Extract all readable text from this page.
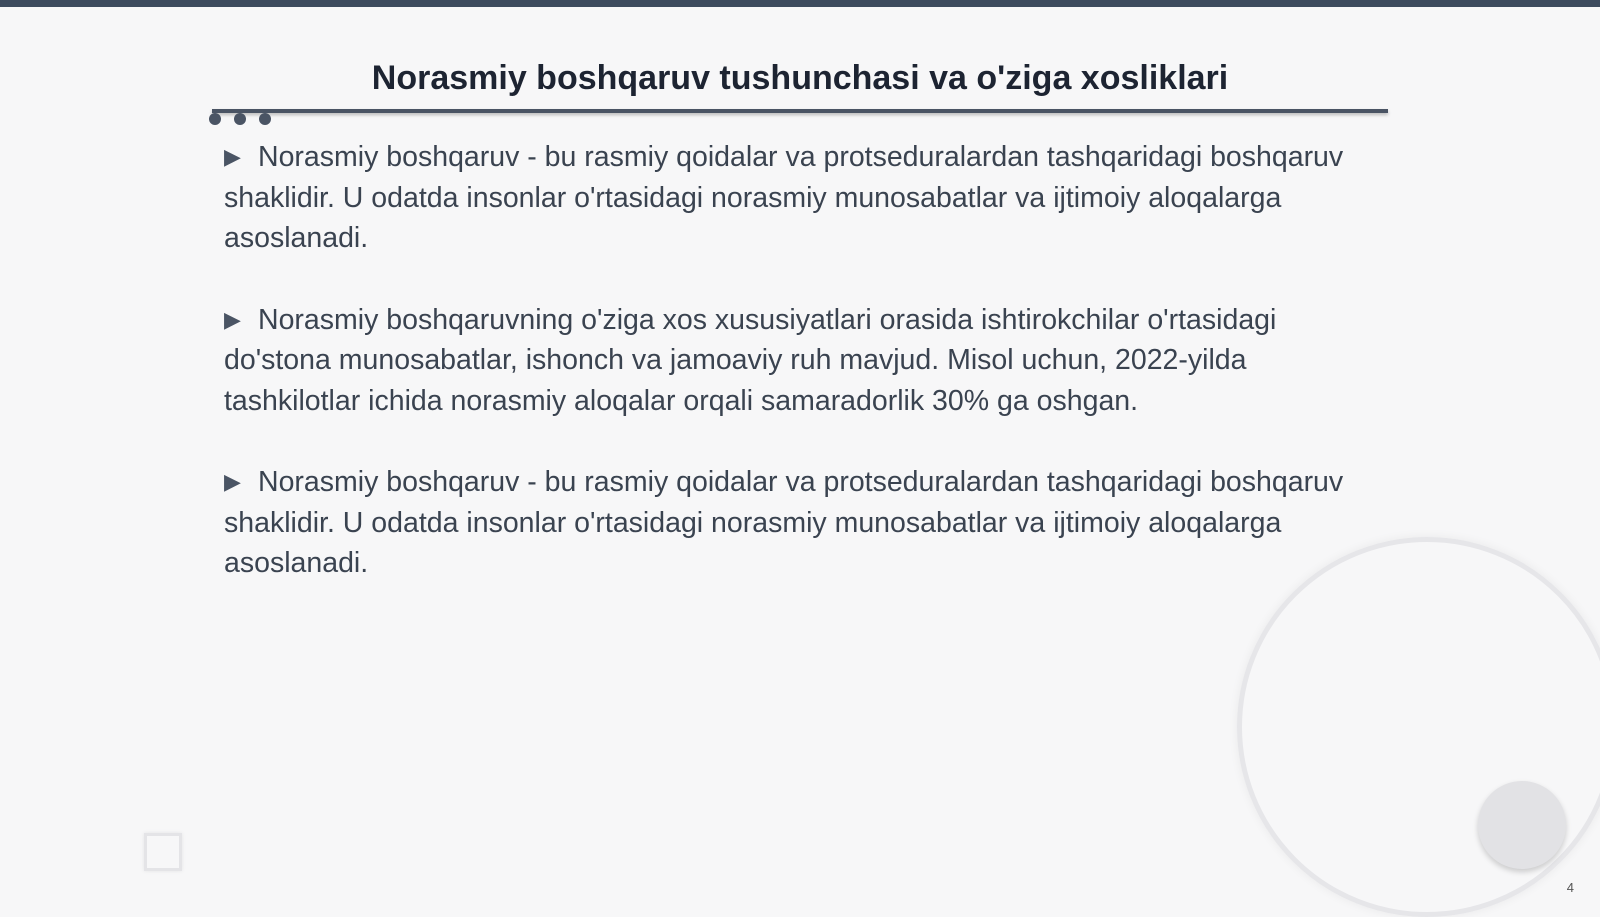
Norasmiy boshqaruv tushunchasi va o'ziga xosliklari

▶ Norasmiy boshqaruv - bu rasmiy qoidalar va protseduralardan tashqaridagi boshqaruv shaklidir. U odatda insonlar o'rtasidagi norasmiy munosabatlar va ijtimoiy aloqalarga asoslanadi.

▶ Norasmiy boshqaruvning o'ziga xos xususiyatlari orasida ishtirokchilar o'rtasidagi do'stona munosabatlar, ishonch va jamoaviy ruh mavjud. Misol uchun, 2022-yilda tashkilotlar ichida norasmiy aloqalar orqali samaradorlik 30% ga oshgan.

▶ Norasmiy boshqaruv - bu rasmiy qoidalar va protseduralardan tashqaridagi boshqaruv shaklidir. U odatda insonlar o'rtasidagi norasmiy munosabatlar va ijtimoiy aloqalarga asoslanadi.

4
